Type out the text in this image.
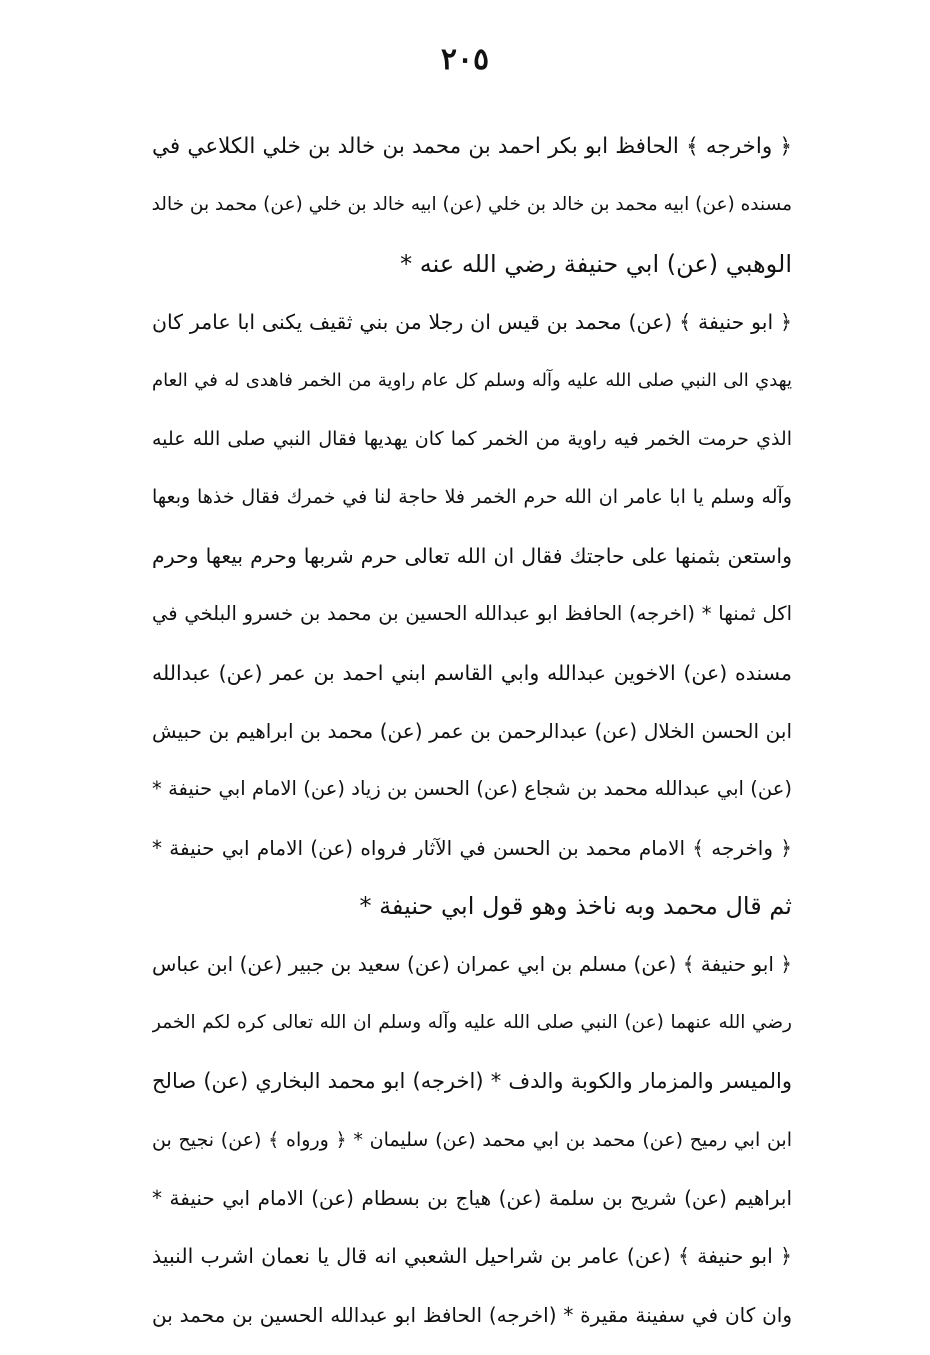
٢٠٥
﴿ واخرجه ﴾ الحافظ ابو بكر احمد بن محمد بن خالد بن خلي الكلاعي في
مسنده (عن) ابيه محمد بن خالد بن خلي (عن) ابيه خالد بن خلي (عن) محمد بن خالد
الوهبي (عن) ابي حنيفة رضي الله عنه *
﴿ ابو حنيفة ﴾ (عن) محمد بن قيس ان رجلا من بني ثقيف يكنى ابا عامر كان
يهدي الى النبي صلى الله عليه وآله وسلم كل عام راوية من الخمر فاهدى له في العام
الذي حرمت الخمر فيه راوية من الخمر كما كان يهديها فقال النبي صلى الله عليه
وآله وسلم يا ابا عامر ان الله حرم الخمر فلا حاجة لنا في خمرك فقال خذها وبعها
واستعن بثمنها على حاجتك فقال ان الله تعالى حرم شربها وحرم بيعها وحرم
اكل ثمنها * (اخرجه) الحافظ ابو عبدالله الحسين بن محمد بن خسرو البلخي في
مسنده (عن) الاخوين عبدالله وابي القاسم ابني احمد بن عمر (عن) عبدالله
ابن الحسن الخلال (عن) عبدالرحمن بن عمر (عن) محمد بن ابراهيم بن حبيش
(عن) ابي عبدالله محمد بن شجاع (عن) الحسن بن زياد (عن) الامام ابي حنيفة *
﴿ واخرجه ﴾ الامام محمد بن الحسن في الآثار فرواه (عن) الامام ابي حنيفة *
ثم قال محمد وبه ناخذ وهو قول ابي حنيفة *
﴿ ابو حنيفة ﴾ (عن) مسلم بن ابي عمران (عن) سعيد بن جبير (عن) ابن عباس
رضي الله عنهما (عن) النبي صلى الله عليه وآله وسلم ان الله تعالى كره لكم الخمر
والميسر والمزمار والكوبة والدف * (اخرجه) ابو محمد البخاري (عن) صالح
ابن ابي رميح (عن) محمد بن ابي محمد (عن) سليمان * ﴿ ورواه ﴾ (عن) نجيح بن
ابراهيم (عن) شريح بن سلمة (عن) هياج بن بسطام (عن) الامام ابي حنيفة *
﴿ ابو حنيفة ﴾ (عن) عامر بن شراحيل الشعبي انه قال يا نعمان اشرب النبيذ
وان كان في سفينة مقيرة * (اخرجه) الحافظ ابو عبدالله الحسين بن محمد بن
